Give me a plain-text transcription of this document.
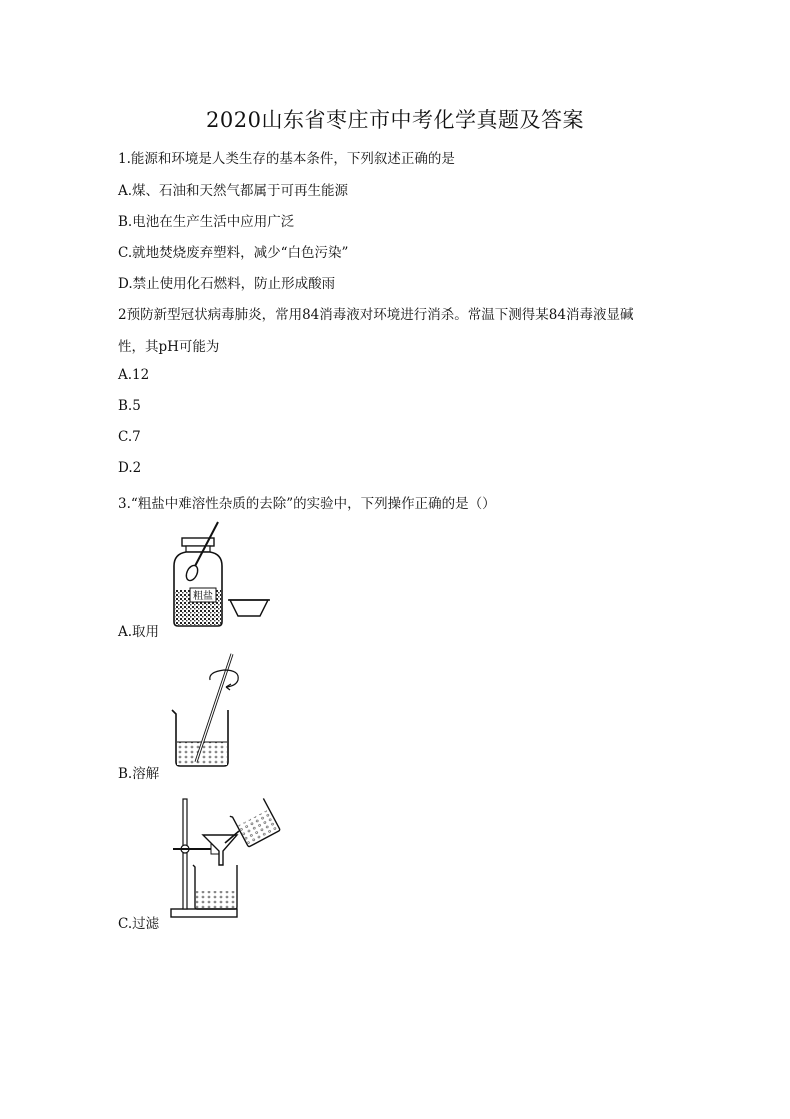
2020山东省枣庄市中考化学真题及答案
1.能源和环境是人类生存的基本条件，下列叙述正确的是
A.煤、石油和天然气都属于可再生能源
B.电池在生产生活中应用广泛
C.就地焚烧废弃塑料，减少“白色污染”
D.禁止使用化石燃料，防止形成酸雨
2预防新型冠状病毒肺炎，常用84消毒液对环境进行消杀。常温下测得某84消毒液显碱
性，其pH可能为
A.12
B.5
C.7
D.2
3.“粗盐中难溶性杂质的去除”的实验中，下列操作正确的是（）
粗盐
A.取用
B.溶解
C.过滤
